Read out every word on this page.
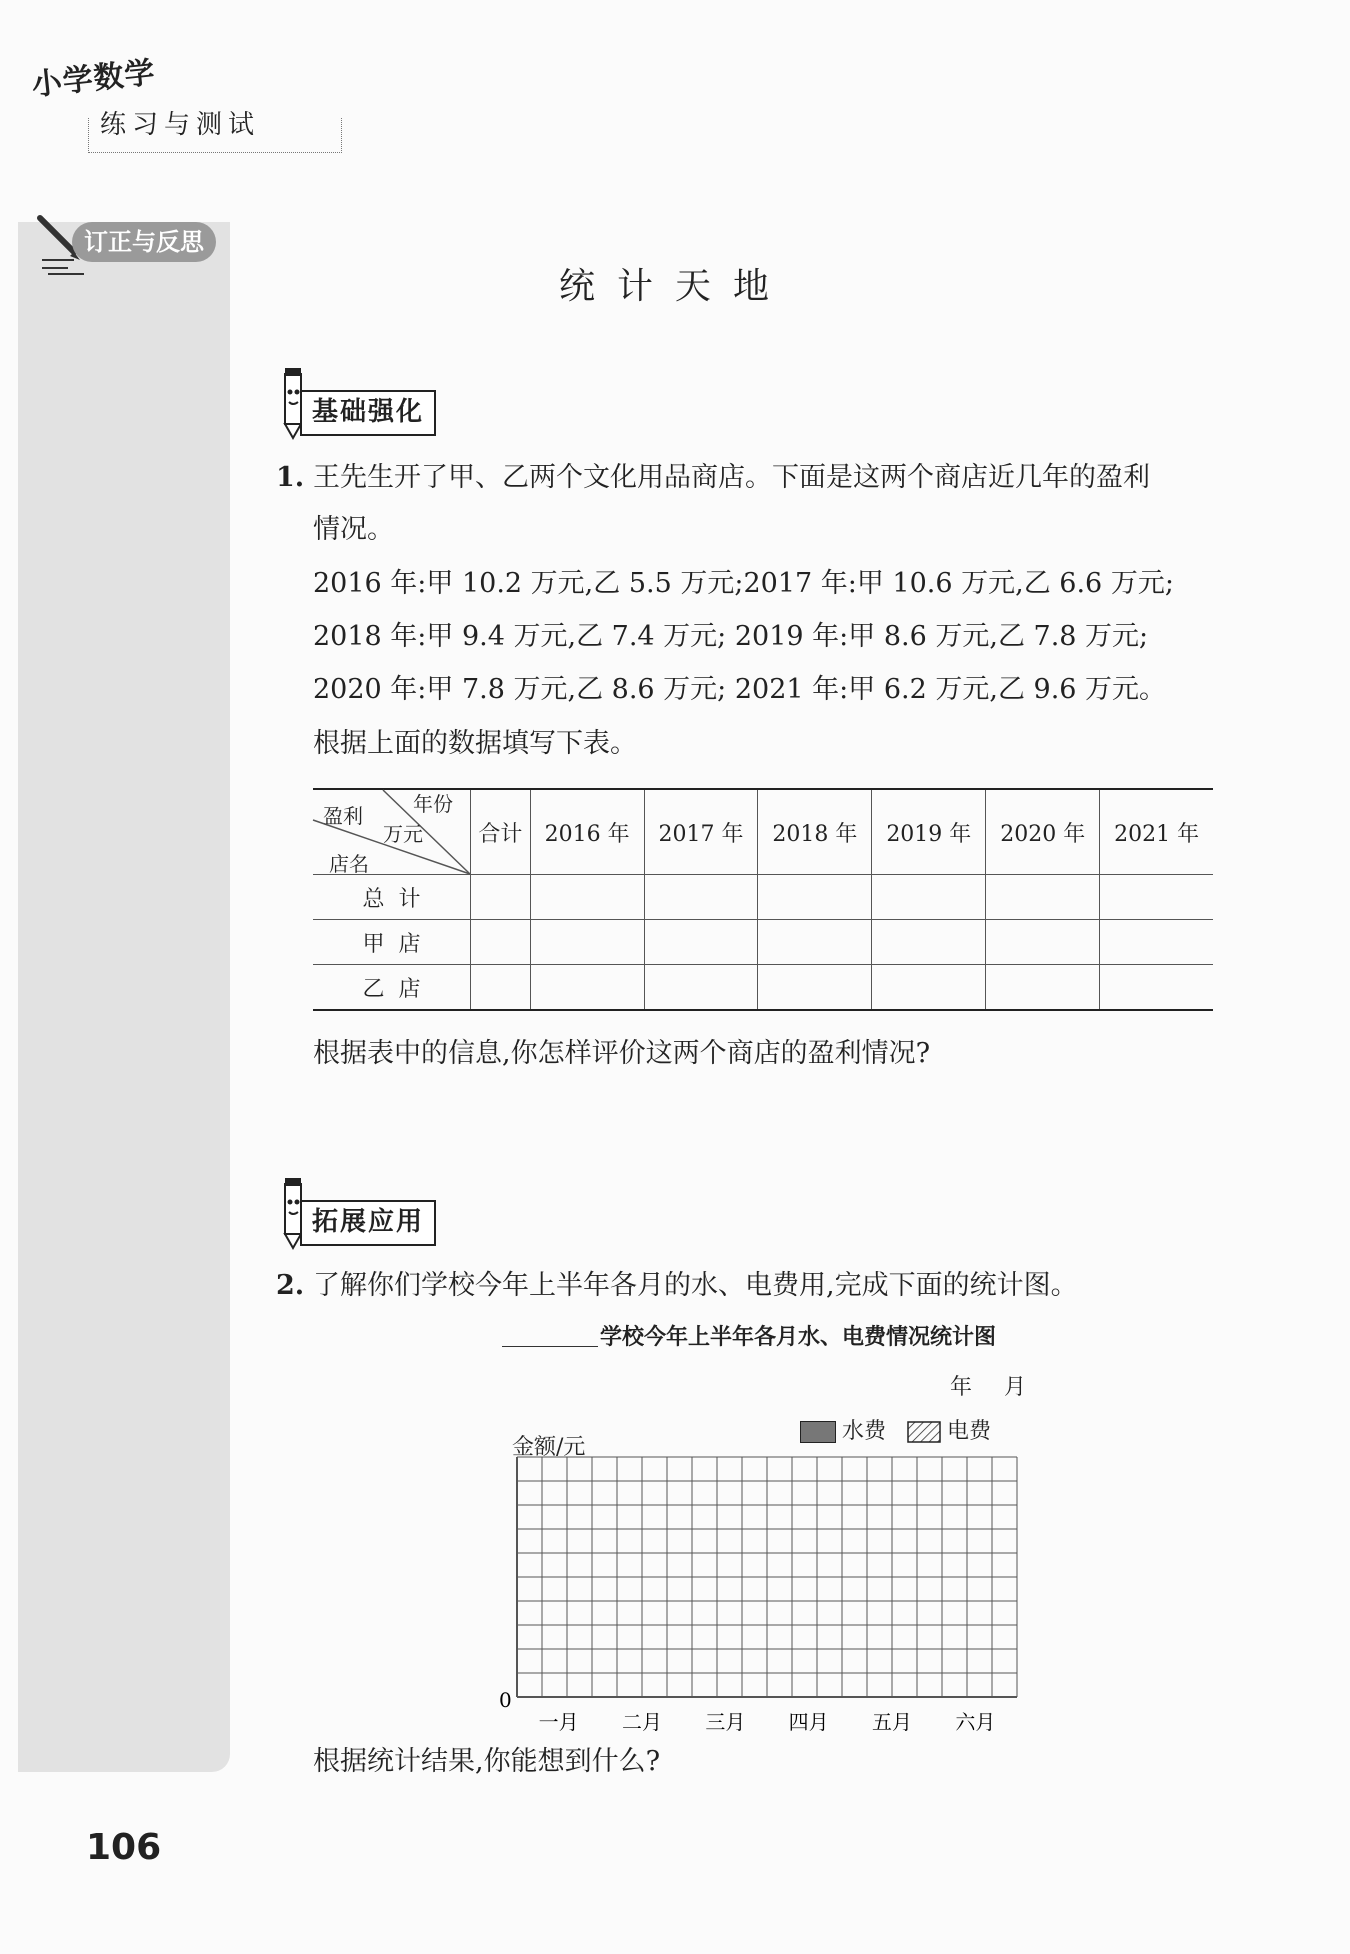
小学数学
练习与测试
订正与反思
统计天地
基础强化
1. 王先生开了甲、乙两个文化用品商店。下面是这两个商店近几年的盈利
情况。
2016 年:甲 10.2 万元,乙 5.5 万元;2017 年:甲 10.6 万元,乙 6.6 万元;
2018 年:甲 9.4 万元,乙 7.4 万元; 2019 年:甲 8.6 万元,乙 7.8 万元;
2020 年:甲 7.8 万元,乙 8.6 万元; 2021 年:甲 6.2 万元,乙 9.6 万元。
根据上面的数据填写下表。
盈利
万元
年份
店名	合计	2016 年	2017 年	2018 年	2019 年	2020 年	2021 年
总  计							
甲  店							
乙  店							
根据表中的信息,你怎样评价这两个商店的盈利情况?
拓展应用
2. 了解你们学校今年上半年各月的水、电费用,完成下面的统计图。
学校今年上半年各月水、电费情况统计图
年  月
水费	电费
金额/元
0
一月 二月 三月 四月 五月 六月
根据统计结果,你能想到什么?
106
